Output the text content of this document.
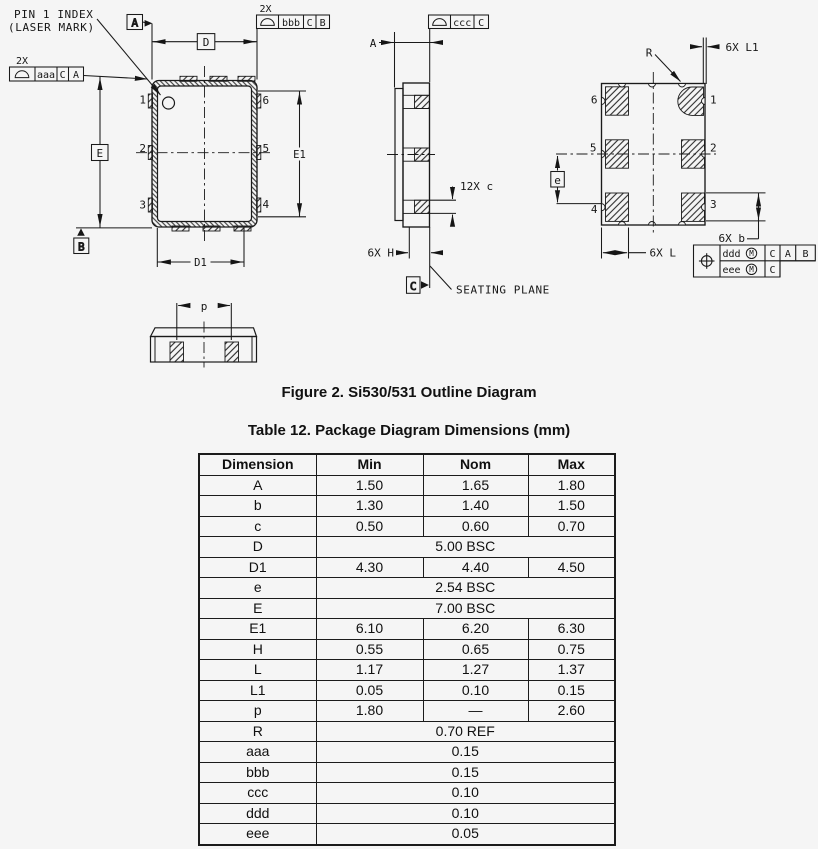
1
2
3
6
5
4
PIN 1 INDEX
(LASER MARK)	A
D
2X
aaa C A
E
B
E1
D1
2X
bbb C B
A
ccc C
12X c
6X H
SEATING PLANE
C
6
5
4
1
2
3
R	6X L1
e
6X L
6X b
ddd M C A B
eee M C
p
Figure 2. Si530/531 Outline Diagram
Table 12. Package Diagram Dimensions (mm)
Dimension	Min	Nom	Max
A	1.50	1.65	1.80
b	1.30	1.40	1.50
c	0.50	0.60	0.70
D	5.00 BSC		
D1	4.30	4.40	4.50
e	2.54 BSC		
E	7.00 BSC		
E1	6.10	6.20	6.30
H	0.55	0.65	0.75
L	1.17	1.27	1.37
L1	0.05	0.10	0.15
p	1.80	—	2.60
R	0.70 REF		
aaa	0.15		
bbb	0.15		
ccc	0.10		
ddd	0.10		
eee	0.05		
